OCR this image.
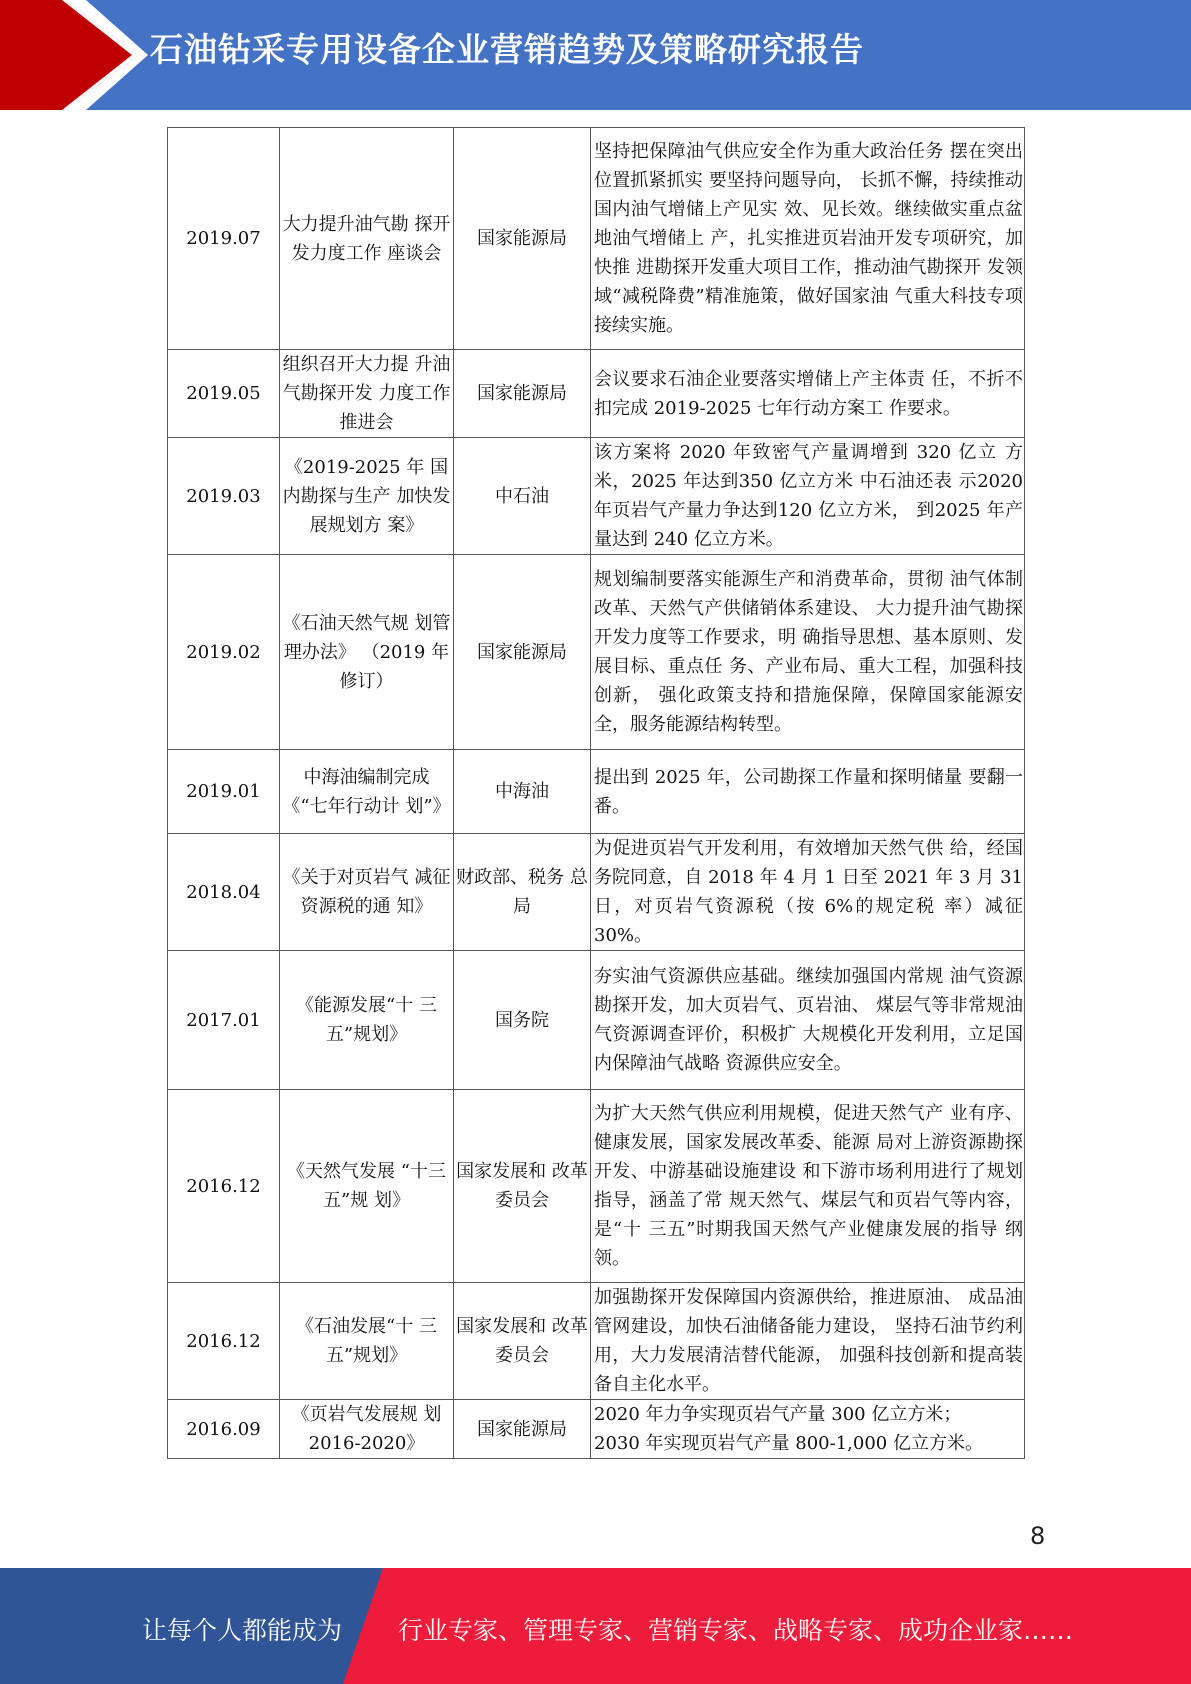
石油钻采专用设备企业营销趋势及策略研究报告
2019.07	大力提升油气勘 探开发力度工作 座谈会	国家能源局	坚持把保障油气供应安全作为重大政治任务 摆在突出位置抓紧抓实 要坚持问题导向， 长抓不懈，持续推动国内油气增储上产见实 效、见长效。继续做实重点盆地油气增储上 产，扎实推进页岩油开发专项研究，加快推 进勘探开发重大项目工作，推动油气勘探开 发领域“减税降费”精准施策，做好国家油 气重大科技专项接续实施。
2019.05	组织召开大力提 升油气勘探开发 力度工作推进会	国家能源局	会议要求石油企业要落实增储上产主体责 任，不折不扣完成 2019-2025 七年行动方案工 作要求。
2019.03	《2019-2025 年 国内勘探与生产 加快发展规划方 案》	中石油	该方案将 2020 年致密气产量调增到 320 亿立 方米，2025 年达到350 亿立方米 中石油还表 示2020 年页岩气产量力争达到120 亿立方米， 到2025 年产量达到 240 亿立方米。
2019.02	《石油天然气规 划管理办法》 （2019 年修订）	国家能源局	规划编制要落实能源生产和消费革命，贯彻 油气体制改革、天然气产供储销体系建设、 大力提升油气勘探开发力度等工作要求，明 确指导思想、基本原则、发展目标、重点任 务、产业布局、重大工程，加强科技创新， 强化政策支持和措施保障，保障国家能源安 全，服务能源结构转型。
2019.01	中海油编制完成 《“七年行动计 划”》	中海油	提出到 2025 年，公司勘探工作量和探明储量 要翻一番。
2018.04	《关于对页岩气 减征资源税的通 知》	财政部、税务 总局	为促进页岩气开发利用，有效增加天然气供 给，经国务院同意，自 2018 年 4 月 1 日至 2021 年 3 月 31 日，对页岩气资源税（按 6%的规定税 率）减征 30%。
2017.01	《能源发展“十 三五”规划》	国务院	夯实油气资源供应基础。继续加强国内常规 油气资源勘探开发，加大页岩气、页岩油、 煤层气等非常规油气资源调查评价，积极扩 大规模化开发利用，立足国内保障油气战略 资源供应安全。
2016.12	《天然气发展 “十三五”规 划》	国家发展和 改革委员会	为扩大天然气供应利用规模，促进天然气产 业有序、健康发展，国家发展改革委、能源 局对上游资源勘探开发、中游基础设施建设 和下游市场利用进行了规划指导，涵盖了常 规天然气、煤层气和页岩气等内容，是“十 三五”时期我国天然气产业健康发展的指导 纲领。
2016.12	《石油发展“十 三五”规划》	国家发展和 改革委员会	加强勘探开发保障国内资源供给，推进原油、 成品油管网建设，加快石油储备能力建设， 坚持石油节约利用，大力发展清洁替代能源， 加强科技创新和提高装备自主化水平。
2016.09	《页岩气发展规 划 2016-2020》	国家能源局	2020 年力争实现页岩气产量 300 亿立方米；
2030 年实现页岩气产量 800-1,000 亿立方米。
8
让每个人都能成为 行业专家、管理专家、营销专家、战略专家、成功企业家……
